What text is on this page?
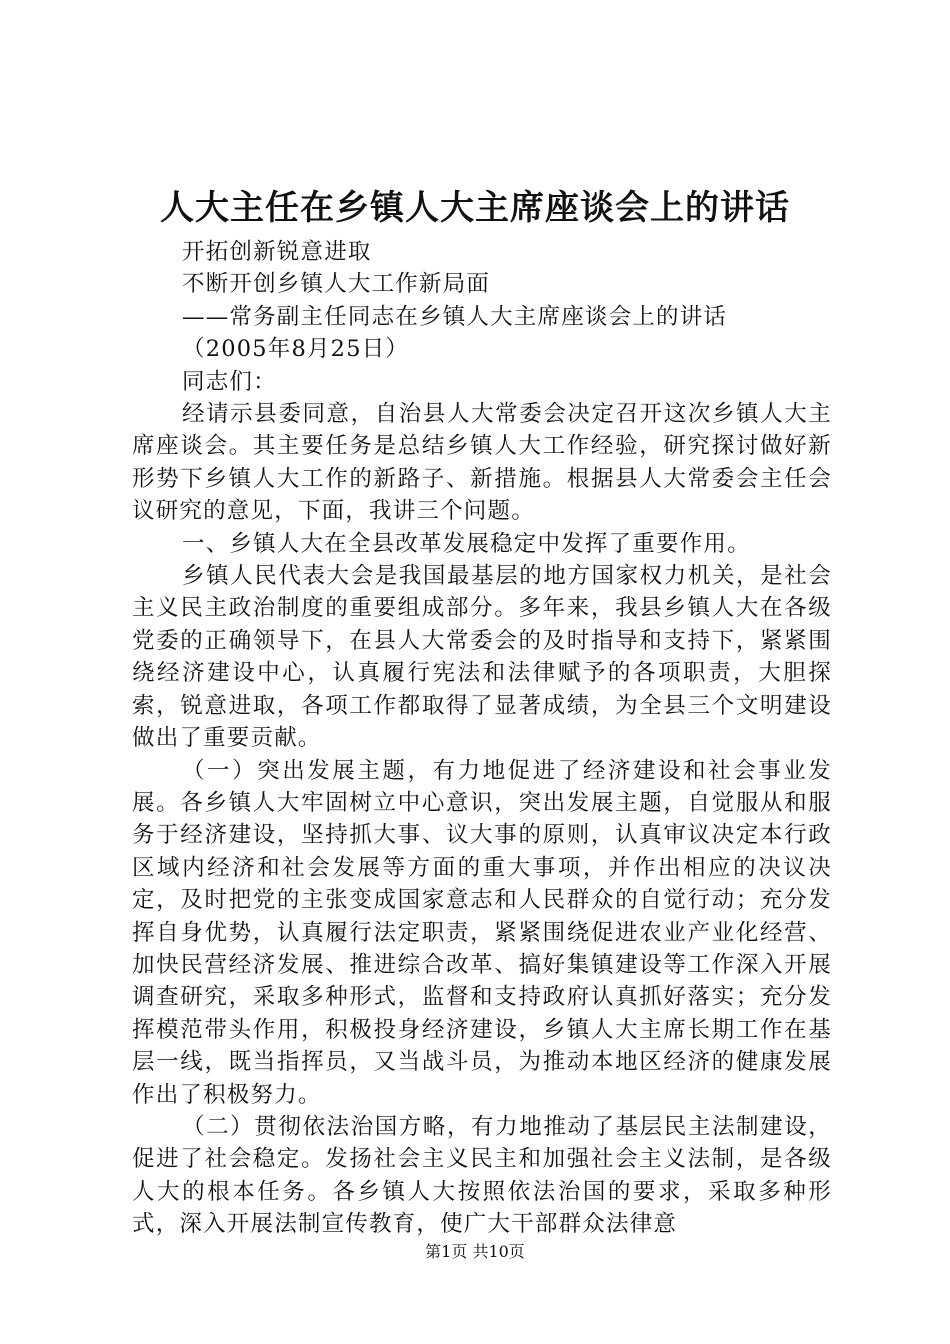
人大主任在乡镇人大主席座谈会上的讲话

开拓创新锐意进取

不断开创乡镇人大工作新局面

——常务副主任同志在乡镇人大主席座谈会上的讲话

（2005年8月25日）

同志们：

经请示县委同意，自治县人大常委会决定召开这次乡镇人大主席座谈会。其主要任务是总结乡镇人大工作经验，研究探讨做好新形势下乡镇人大工作的新路子、新措施。根据县人大常委会主任会议研究的意见，下面，我讲三个问题。

一、乡镇人大在全县改革发展稳定中发挥了重要作用。

乡镇人民代表大会是我国最基层的地方国家权力机关，是社会主义民主政治制度的重要组成部分。多年来，我县乡镇人大在各级党委的正确领导下，在县人大常委会的及时指导和支持下，紧紧围绕经济建设中心，认真履行宪法和法律赋予的各项职责，大胆探索，锐意进取，各项工作都取得了显著成绩，为全县三个文明建设做出了重要贡献。

（一）突出发展主题，有力地促进了经济建设和社会事业发展。各乡镇人大牢固树立中心意识，突出发展主题，自觉服从和服务于经济建设，坚持抓大事、议大事的原则，认真审议决定本行政区域内经济和社会发展等方面的重大事项，并作出相应的决议决定，及时把党的主张变成国家意志和人民群众的自觉行动；充分发挥自身优势，认真履行法定职责，紧紧围绕促进农业产业化经营、加快民营经济发展、推进综合改革、搞好集镇建设等工作深入开展调查研究，采取多种形式，监督和支持政府认真抓好落实；充分发挥模范带头作用，积极投身经济建设，乡镇人大主席长期工作在基层一线，既当指挥员，又当战斗员，为推动本地区经济的健康发展作出了积极努力。

（二）贯彻依法治国方略，有力地推动了基层民主法制建设，促进了社会稳定。发扬社会主义民主和加强社会主义法制，是各级人大的根本任务。各乡镇人大按照依法治国的要求，采取多种形式，深入开展法制宣传教育，使广大干部群众法律意

第1页 共10页
